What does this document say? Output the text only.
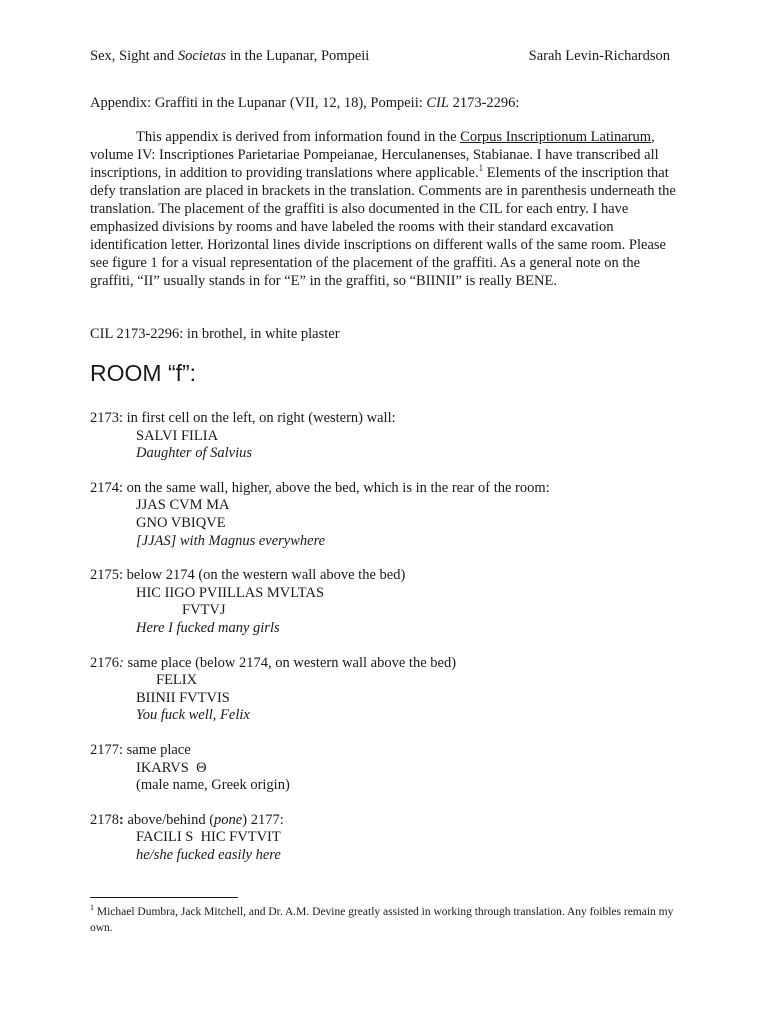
Sex, Sight and Societas in the Lupanar, Pompeii	Sarah Levin-Richardson
Appendix: Graffiti in the Lupanar (VII, 12, 18), Pompeii: CIL 2173-2296:

This appendix is derived from information found in the Corpus Inscriptionum Latinarum, volume IV: Inscriptiones Parietariae Pompeianae, Herculanenses, Stabianae. I have transcribed all inscriptions, in addition to providing translations where applicable.$^1$ Elements of the inscription that defy translation are placed in brackets in the translation. Comments are in parenthesis underneath the translation. The placement of the graffiti is also documented in the CIL for each entry. I have emphasized divisions by rooms and have labeled the rooms with their standard excavation identification letter. Horizontal lines divide inscriptions on different walls of the same room. Please see figure 1 for a visual representation of the placement of the graffiti. As a general note on the graffiti, “II” usually stands in for “E” in the graffiti, so “BIINII” is really BENE.

CIL 2173-2296: in brothel, in white plaster
ROOM “f”:
2173: in first cell on the left, on right (western) wall:
SALVI FILIA
Daughter of Salvius
2174: on the same wall, higher, above the bed, which is in the rear of the room:
JJAS CVM MA
GNO VBIQVE
[JJAS] with Magnus everywhere
2175: below 2174 (on the western wall above the bed)
HIC IIGO PVIILLAS MVLTAS
FVTVJ
Here I fucked many girls
2176: same place (below 2174, on western wall above the bed)
FELIX
BIINII FVTVIS
You fuck well, Felix
2177: same place
IKARVS  Θ
(male name, Greek origin)
2178: above/behind (pone) 2177:
FACILI S  HIC FVTVIT
he/she fucked easily here
$^1$ Michael Dumbra, Jack Mitchell, and Dr. A.M. Devine greatly assisted in working through translation. Any foibles remain my own.
